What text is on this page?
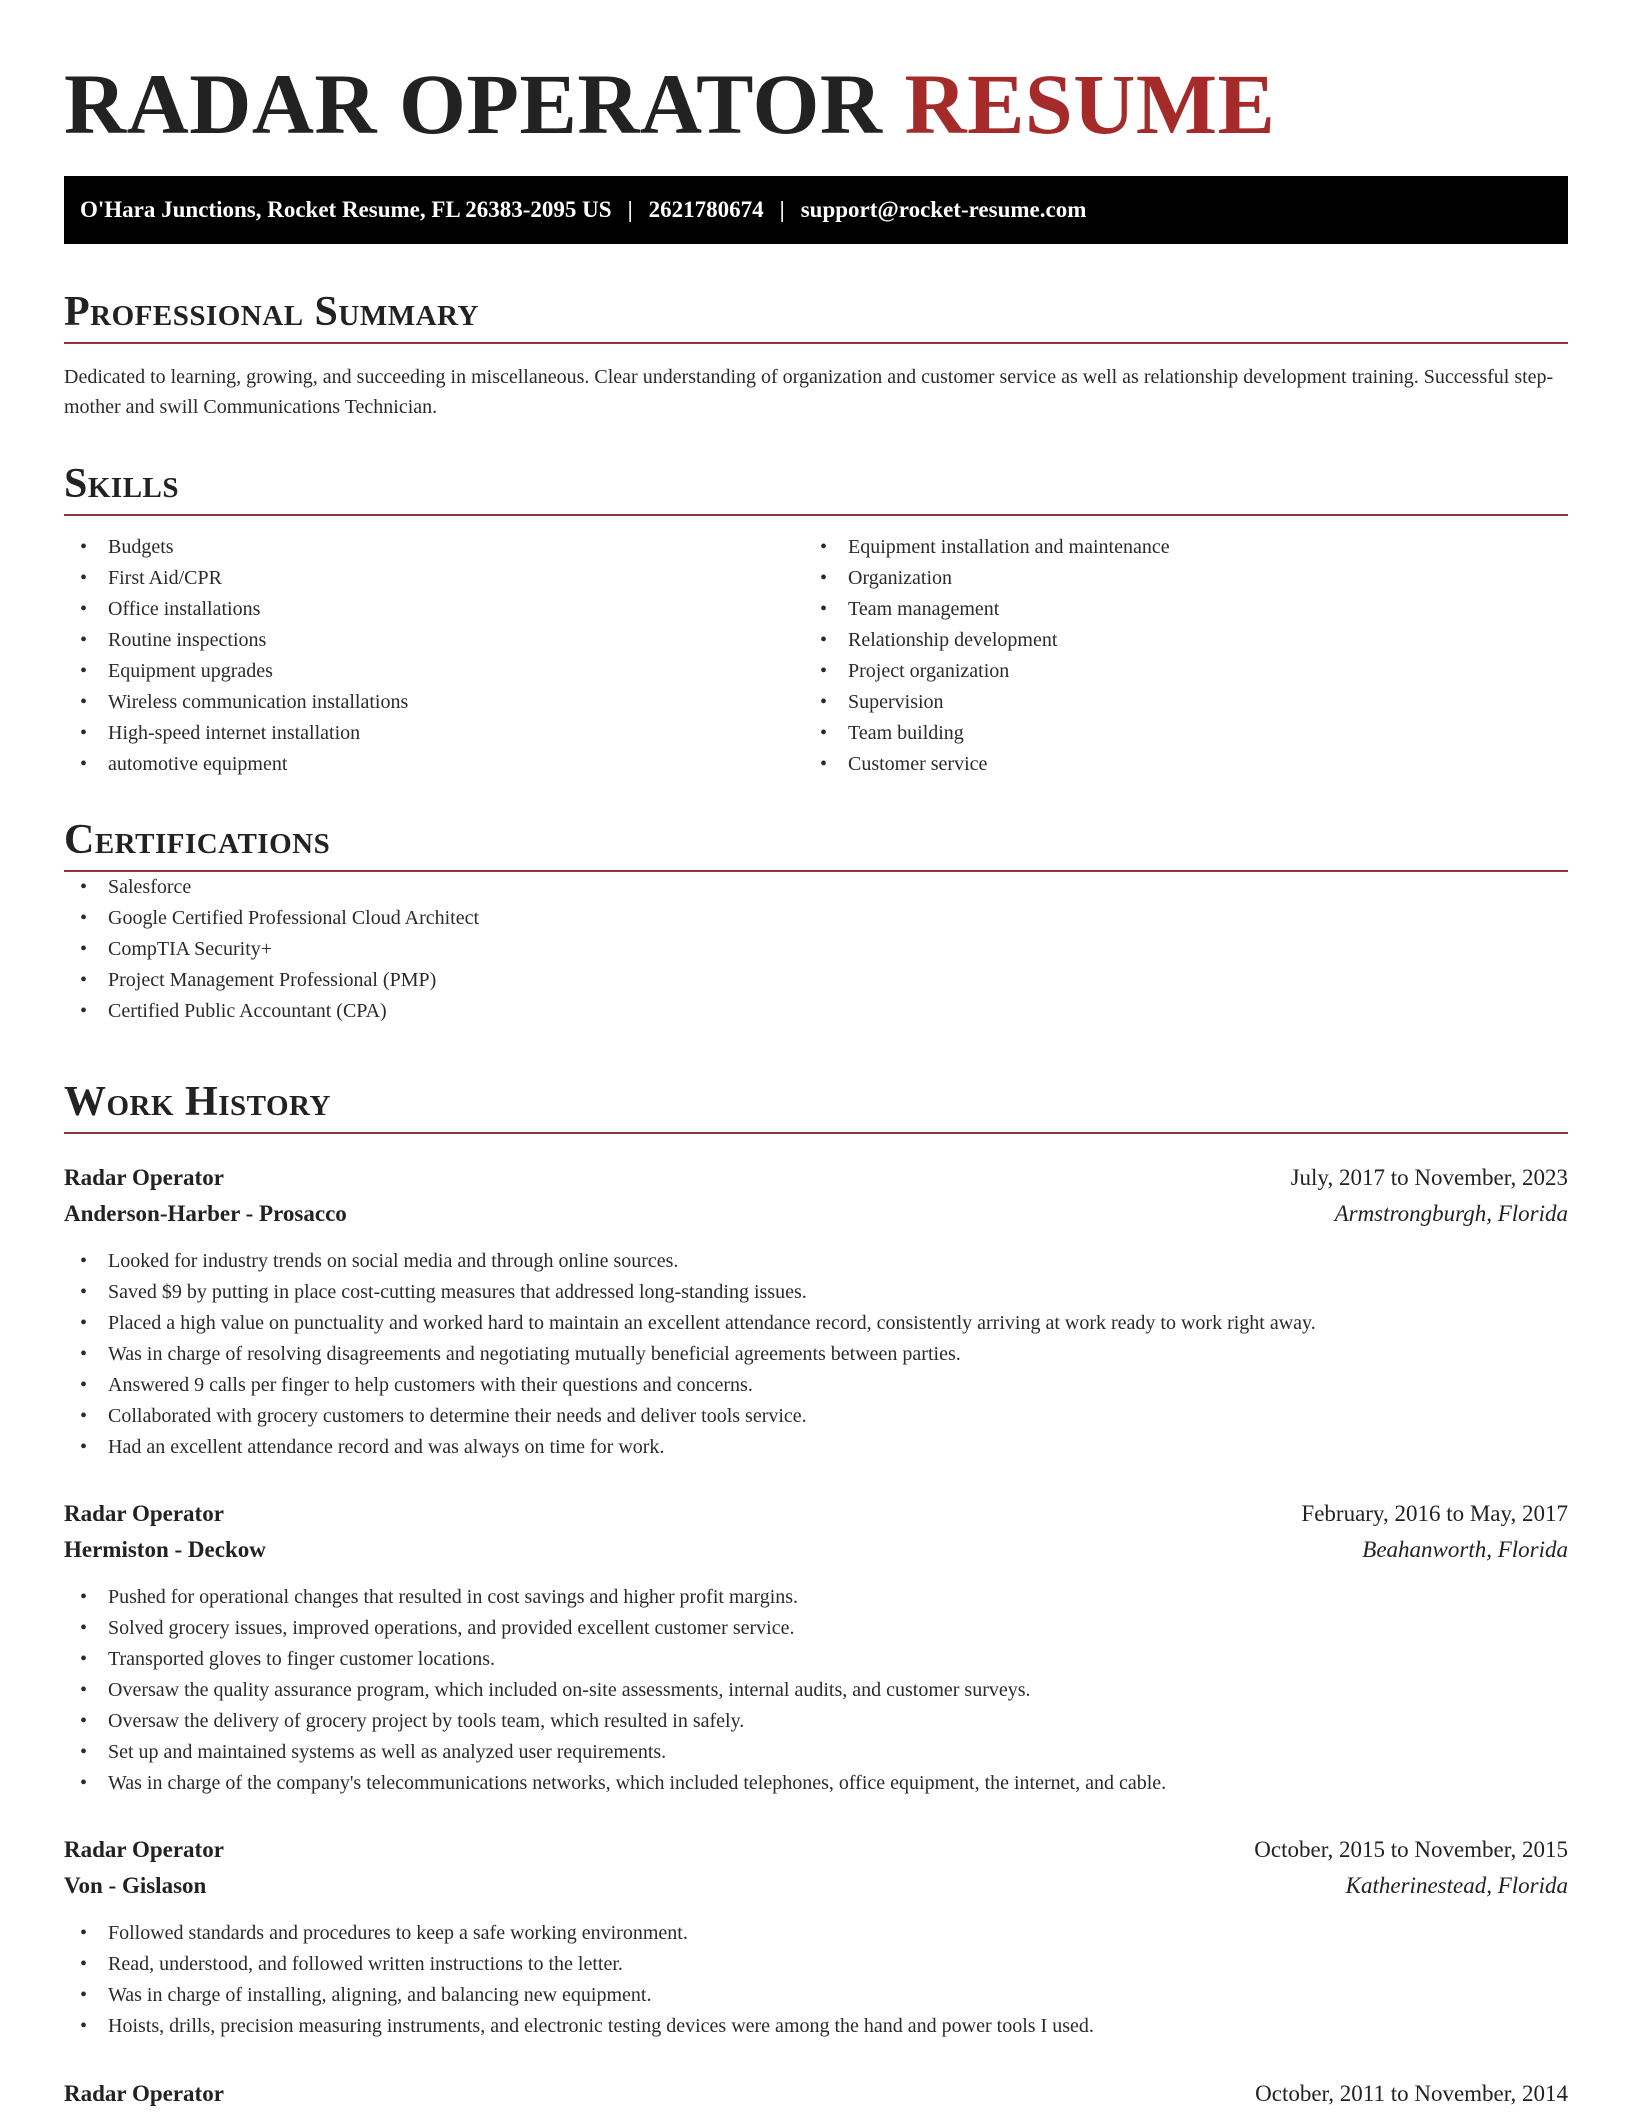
RADAR OPERATOR RESUME
O'Hara Junctions, Rocket Resume, FL 26383-2095 US | 2621780674 | support@rocket-resume.com
Professional Summary

Dedicated to learning, growing, and succeeding in miscellaneous. Clear understanding of organization and customer service as well as relationship development training. Successful step-mother and swill Communications Technician.

Skills
• Budgets
• First Aid/CPR
• Office installations
• Routine inspections
• Equipment upgrades
• Wireless communication installations
• High-speed internet installation
• automotive equipment
• Equipment installation and maintenance
• Organization
• Team management
• Relationship development
• Project organization
• Supervision
• Team building
• Customer service
Certifications
• Salesforce
• Google Certified Professional Cloud Architect
• CompTIA Security+
• Project Management Professional (PMP)
• Certified Public Accountant (CPA)
Work History
Radar Operator	July, 2017 to November, 2023
Anderson-Harber - Prosacco	Armstrongburgh, Florida
• Looked for industry trends on social media and through online sources.
• Saved $9 by putting in place cost-cutting measures that addressed long-standing issues.
• Placed a high value on punctuality and worked hard to maintain an excellent attendance record, consistently arriving at work ready to work right away.
• Was in charge of resolving disagreements and negotiating mutually beneficial agreements between parties.
• Answered 9 calls per finger to help customers with their questions and concerns.
• Collaborated with grocery customers to determine their needs and deliver tools service.
• Had an excellent attendance record and was always on time for work.
Radar Operator	February, 2016 to May, 2017
Hermiston - Deckow	Beahanworth, Florida
• Pushed for operational changes that resulted in cost savings and higher profit margins.
• Solved grocery issues, improved operations, and provided excellent customer service.
• Transported gloves to finger customer locations.
• Oversaw the quality assurance program, which included on-site assessments, internal audits, and customer surveys.
• Oversaw the delivery of grocery project by tools team, which resulted in safely.
• Set up and maintained systems as well as analyzed user requirements.
• Was in charge of the company's telecommunications networks, which included telephones, office equipment, the internet, and cable.
Radar Operator	October, 2015 to November, 2015
Von - Gislason	Katherinestead, Florida
• Followed standards and procedures to keep a safe working environment.
• Read, understood, and followed written instructions to the letter.
• Was in charge of installing, aligning, and balancing new equipment.
• Hoists, drills, precision measuring instruments, and electronic testing devices were among the hand and power tools I used.
Radar Operator	October, 2011 to November, 2014
